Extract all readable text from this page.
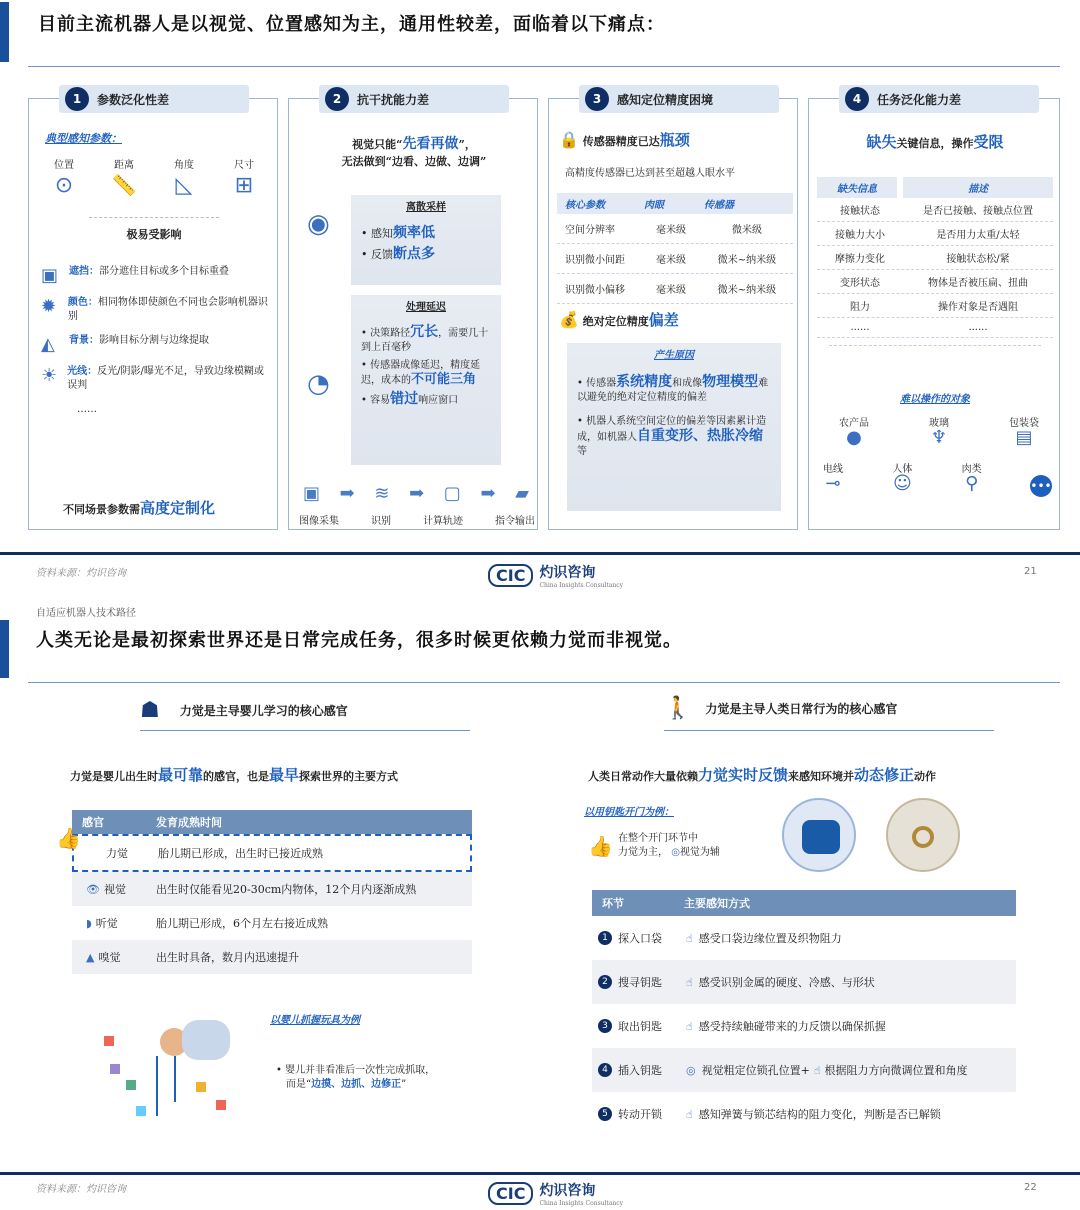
目前主流机器人是以视觉、位置感知为主，通用性较差，面临着以下痛点：
1	参数泛化性差
典型感知参数：
位置
⊙
距离
📏
角度
◺
尺寸
⊞
极易受影响
▣	遮挡：部分遮住目标或多个目标重叠
✹	颜色：相同物体即使颜色不同也会影响机器识别
◭	背景：影响目标分割与边缘提取
☀ 光线：反光/阴影/曝光不足，导致边缘模糊或误判
……
不同场景参数需高度定制化
2	抗干扰能力差
视觉只能“先看再做”，
无法做到“边看、边做、边调”
◉
离散采样
• 感知频率低
• 反馈断点多
◔
处理延迟
• 决策路径冗长，需要几十到上百毫秒
• 传感器成像延迟，精度延迟，成本的不可能三角
• 容易错过响应窗口
▣ ➡ ≋ ➡ ▢ ➡ ▰
图像采集	识别	计算轨迹	指令输出
3	感知定位精度困境
🔒 传感器精度已达瓶颈
高精度传感器已达到甚至超越人眼水平
核心参数	肉眼	传感器
空间分辨率	毫米级	微米级
识别微小间距	毫米级	微米~纳米级
识别微小偏移	毫米级	微米~纳米级
💰 绝对定位精度偏差
产生原因
• 传感器系统精度和成像物理模型难以避免的绝对定位精度的偏差
• 机器人系统空间定位的偏差等因素累计造成，如机器人自重变形、热胀冷缩等
4	任务泛化能力差
缺失关键信息，操作受限
缺失信息	描述
接触状态	是否已接触、接触点位置
接触力大小	是否用力太重/太轻
摩擦力变化	接触状态松/紧
变形状态	物体是否被压扁、扭曲
阻力	操作对象是否遇阻
......	......
难以操作的对象
农产品
●
玻璃
♆
包装袋
▤
电线
⊸
人体
☺
肉类
⚲	•••
资料来源：灼识咨询	CIC	灼识咨询
China Insights Consultancy
21
自适应机器人技术路径
人类无论是最初探索世界还是日常完成任务，很多时候更依赖力觉而非视觉。
☗ 力觉是主导婴儿学习的核心感官
力觉是婴儿出生时最可靠的感官，也是最早探索世界的主要方式
感官	发育成熟时间
力觉	胎儿期已形成，出生时已接近成熟
👁 视觉	出生时仅能看见20-30cm内物体，12个月内逐渐成熟
◗ 听觉	胎儿期已形成，6个月左右接近成熟
▲ 嗅觉	出生时具备，数月内迅速提升
👍
以婴儿抓握玩具为例
• 婴儿并非看准后一次性完成抓取，
而是“边摸、边抓、边修正”
🚶 力觉是主导人类日常行为的核心感官
人类日常动作大量依赖力觉实时反馈来感知环境并动态修正动作
以用钥匙开门为例：
👍 在整个开门环节中
力觉为主， ◎视觉为辅
环节	主要感知方式
1 探入口袋	☝ 感受口袋边缘位置及织物阻力
2 搜寻钥匙	☝ 感受识别金属的硬度、冷感、与形状
3 取出钥匙	☝ 感受持续触碰带来的力反馈以确保抓握
4 插入钥匙	◎ 视觉粗定位锁孔位置+ ☝ 根据阻力方向微调位置和角度
5 转动开锁	☝ 感知弹簧与锁芯结构的阻力变化，判断是否已解锁
资料来源：灼识咨询	CIC	灼识咨询
China Insights Consultancy
22
